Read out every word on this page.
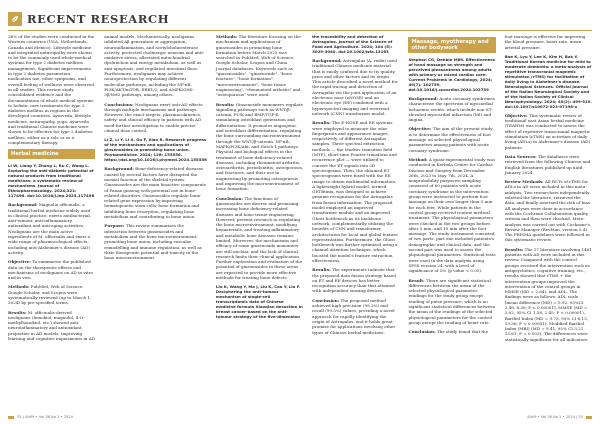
RECENT RESEARCH

36% of the studies were conducted in the Western countries (USA, Netherlands, Canada and Mexico). Lifestyle medicine and integrated naturopathy were shown to be the commonly used whole-medical systems for type 2 diabetes mellitus management. Significant improvements in type 2 diabetes parameters, medication use, other symptoms, and overall feeling of wellness were observed in all studies. This review study consolidated evidence and the documentation of whole medical systems to holistic care treatments for type 2 diabetes mellitus in regions in the developed countries. Ayurveda, lifestyle medicine, naturopathy, yoga, Ayurveda and traditional Chinese medicine were shown to be effective for type 2 diabetes mellitus, either as a sole or as a complementary therapy.

Herbal medicine

Li W, Liang Y, Zhang L, Ru C, Wang L. Exploring the anti-diabetic potential of natural products from traditional medicines: a systematic review of mechanisms. Journal of Ethnopharmacology. 2024;321: 117496. doi:10.1016/j.jep.2023.117496

Background: Magnolia officinalis, a traditional herbal medicine widely used in clinical practice, exerts antibacterial, anti-tumour, anti-inflammatory, antioxidant and anti-aging activities. Neolignans are the main active ingredients of M. officinalis and exert a wide range of pharmacological effects, including anti-Alzheimer's disease (AD) activity.

Objective: To summarise the published data on the therapeutic effects and mechanisms of neolignans on AD in vitro and in vivo.

Methods: PubMed, Web of Science, Google Scholar, and Scopus were systematically reviewed (up to March 1, 2024) by pre-specified terms.

Results: M. officinalis-derived neolignans (honokiol, magnolol, 4-O-methylhonokiol, etc.) showed anti-neuroinflammatory and antioxidant properties in AD models, improving learning and cognitive impairments in AD

animal models. Mechanistically, neolignans inhibited Aβ generation or aggregation, neuroinflammation, and acetylcholinesterase activity, protected cholinergic neurons and anti-oxidative stress, alleviated mitochondrial dysfunction and energy metabolism, as well as anti-apoptosis, and regulated intestinal flora. Furthermore, neolignans may achieve neuroprotection by regulating different molecular pathways, including the NF-κB, PI3K/AKT/mTOR, ERK1/2, and AMPK/GSK-3β/Nrf2 pathways, among others.

Conclusions: Neolignans exert anti-AD effects through multiple mechanisms and pathways. However, the exact targets, pharmacokinetics, safety, and clinical efficacy in patients with AD need further investigation to enable precise clinical dose control.

Li Z, Li Y, Li X, Gu F, Xiao R. Research progress of the mechanisms and applications of ginsenosides in promoting bone union. Phytomedicine. 2024; 128: 155556. https://doi.org/10.1016/j.phymed.2024.155556

Background: Bone-deficiency-related diseases caused by several factors have disrupted the normal function of the skeletal system. Ginsenosides are the main bioactive components of Panax ginseng with potential use in bone-related disorders. Ginsenosides regulate bone-related gene expression by improving hematopoietic stem cells' bone formation and inhibiting bone resorption, regulating bone metabolism and contributing to bone union.

Purpose: This review summarises the interaction between ginsenosides and metabolism and the bone microenvironment, promoting bone union, including vascular remodelling and immune regulation, as well as their therapeutic potential and toxicity in the bone microenvironment.

Methods: The literature focusing on the mechanism and applications of ginsenosides in promoting bone formation before March 2023 was searched in PubMed, Web of Science, Google Scholar, Scopus and China Journal databases. Keywords such as "ginsenosides", "ginsenoside", "bone fracture", "bone formation", "microenvironment", "bone tissue engineering", "rheumatoid arthritis" and "osteoporosis" were used.

Results: Ginsenoside monomers regulate signalling pathways such as WNT/β-catenin, PI3K and BMP/TGF-β, stimulating osteoblast generation and differentiation. It promotes angiogenic and osteoblast differentiation, regulating the bone surrounding microenvironment through the WNT/β-catenin, NF-κB, MAPK/PI3K/Akt, and Notch-1 pathways. Physical and biological effects in the treatment of bone-deficiency-related diseases, including rheumatoid arthritis, osteoarthritis, periodontitis, osteoporosis, and fractures, and their use in engineering by promoting osteogenesis and improving the microenvironment of bone formation.

Conclusion: The functions of ginsenosides are diverse and promising, increasing bone deficiency-related diseases and bone tissue engineering. However, present research in regulating the bone microenvironment, modifying biomaterials, and treating inflammatory and metabolic bone diseases remains limited. Moreover, the mechanisms and efficacy of some ginsenoside monomers are still unclear, and the lack of clinical research limits their clinical application. Further exploration and evaluation of the potential of ginsenosides in these areas are expected to provide more effective methods for treating bone defects.

Liu K, Wang Y, Ma J, Liu K, Cao Y, Liu F. Deciphering the anti-tumour mechanism of single-cell transcriptomic data of Chinese medicine formula Xiaoqian decoction in breast cancer-based on the anti-tumour strategy of the five-dimension

the traceability and detection of Astragalus. Journal of the Science of Food and Agriculture. 2024; 104 (5): 3029-3040. doi:10.1002/jsfa.13163

Background: Astragalus (A. radix) used traditional Chinese medicine material that is easily confused due to its quality, price and other factors and its origin. This article described a novel method for the rapid tracing and detection of Astragalus via the joint application of an electronic nose (eNOSE) and an electronic eye (EE) combined with a hyperspectral imaging and recurrent network (CNN) transformer model.

Results: The E-NOSE and EE systems were employed to measure the odor fingerprints and appearance images, respectively, of different Astragalus samples. Three spectral extraction methods — the Markov transition field (MTF), short-time Fourier transform and recurrence plot — were utilized to convert the ET signals into 2D spectrograms. Then, the obtained ET spectrograms were fused with the EE image to obtain multimodal information. A lightweight hybrid model, termed GETBtmix, was designed to achieve genuine recognition for the Astragalus from fusion information. The proposed model employed an improved transformer module and an improved Ghost bottleneck as its backbone network, complementarily utilizing the benefits of CNN and transformer architectures for local and global feature representation. Furthermore, the Ghost bottleneck was further optimized using a channel attention technique, which boosted the model's feature extraction effectiveness.

Results: The experiments indicate that the proposed data fusion strategy based on ET and EE devices has better recognition accuracy than that attained with independent sensing devices.

Conclusion: The proposed method achieved high precision (99.2%) and recall (99.5%) values, providing a novel approach for rapidly identifying the origin of Astragalus, and it holds great promise for applications involving other types of Chinese herbal medicines.

Massage, myotherapy and other bodywork

Stephan CG, Debbie MJM. Effectiveness of hand massage on strength and perceived pleasantness among adults with primary or mixed cardiac care: Current Problems in Cardiology. 2024; 49(7): 102759. doi:10.1016/j.cpcardiol.2024.102759

Background: Acute coronary syndromes characterise the spectrum of myocardial ischaemic events, which include non-ST-elevated myocardial infarction (MI) and angina.

Objective: The aim of the present study is to determine the effectiveness of foot massage on selected physiological parameters among patients with acute coronary syndrome.

Method: A quasi-experimental study was conducted in Kerbala Center for Cardiac Disease and Surgery from December 26th, 2023 to May 7th, 2024. A nonprobability purposive sampling consisted of 60 patients with acute coronary syndrome in the intervention group were instructed to perform foot massage on their own longer than 5 min for each feet. While patients in the control group received routine medical treatment. The physiological parameters were checked in the two groups before, after 5 min, and 10 min after the foot massage. The study instrument consisted of two parts: part one included patients's demographic and clinical data, and the second part was used to assess the physiological parameters. Statistical tests were used in the data analysis using SPSS version 24, with a level of significance of 5% (p value < 0.05).

Result: There are significant statistical differences between the mean of the selected physiological parameter readings for the study group except reading of pulse pressure, which is no significant statistical differences between the mean of the readings of the selected physiological parameters for the control group except the reading of heart rate.

Conclusion: The study found that the

foot massage is effective for improving the blood pressure, heart rate, mean arterial pressure.

Bae K, Lyu Y, Lee K, Kim H, Bak Y. Traditional Korean medicine for mild to moderate dementia: a meta-analysis of repetitive transcranial magnetic stimulation (rTMS) for facilitation of daily living in Alzheimer's disease. Neurological Sciences. Official Journal of the Italian Neurological Society and of the Italian Society of Clinical Neurophysiology. 2024; 45(2): 499-519. doi:10.1007/s10072-023-07198-x

Objective: This systematic review of traditional east Asian herbal medicine (TEAHM) was conducted to assess the effect of repetitive transcranial magnetic stimulation (rTMS) on activities of daily living (ADLs) in Alzheimer's disease (AD) patients.

Data Sources: The databases were retrieved from the following Chinese and English literatures published up until January 2024.

Review Methods: All RCTs of rTMS for ADLs in AD were included in this meta-analysis. Two researchers independently selected the literature, retrieved the data, and finally assessed the risk of bias. All analyses were done in accordance with the Cochrane Collaboration quality criteria and then were checked. Meta-analysis was carried out with Cochrane's Review Manager (RevMan, version 5.4). The PRISMA guidelines were followed in this systematic review.

Results: The 17 literature involving 1461 patients with AD were included in this review. Compared with the control groups received the intervention such as antipsychotics, cognitive training, etc., results showed that rTMS + the intervention groups improved the intervention of the control groups in MMSE (MD = 2.64), and ADL. The findings were as follows: ADL scale [mean difference (MD) = 5.92, 95%CI 3.48, 8.36; P < 0.00001], MMSE (MD = 2.02, 95% CI 1.58, 2.45; P < 0.00001), Barthel Index (MD = 9.75, 95% CI 6.13, 13.36; P < 0.00001), Modified Barthel Index (MBI) (MD = 9.41, 95% CI 3.21, 15.61; P = 0.003). The differences were statistically significant for all indicators.

55 | AJHM • Vol 36 No 2 • 2024	AJHM • Vol 36 No 2 • 2024 | 55
